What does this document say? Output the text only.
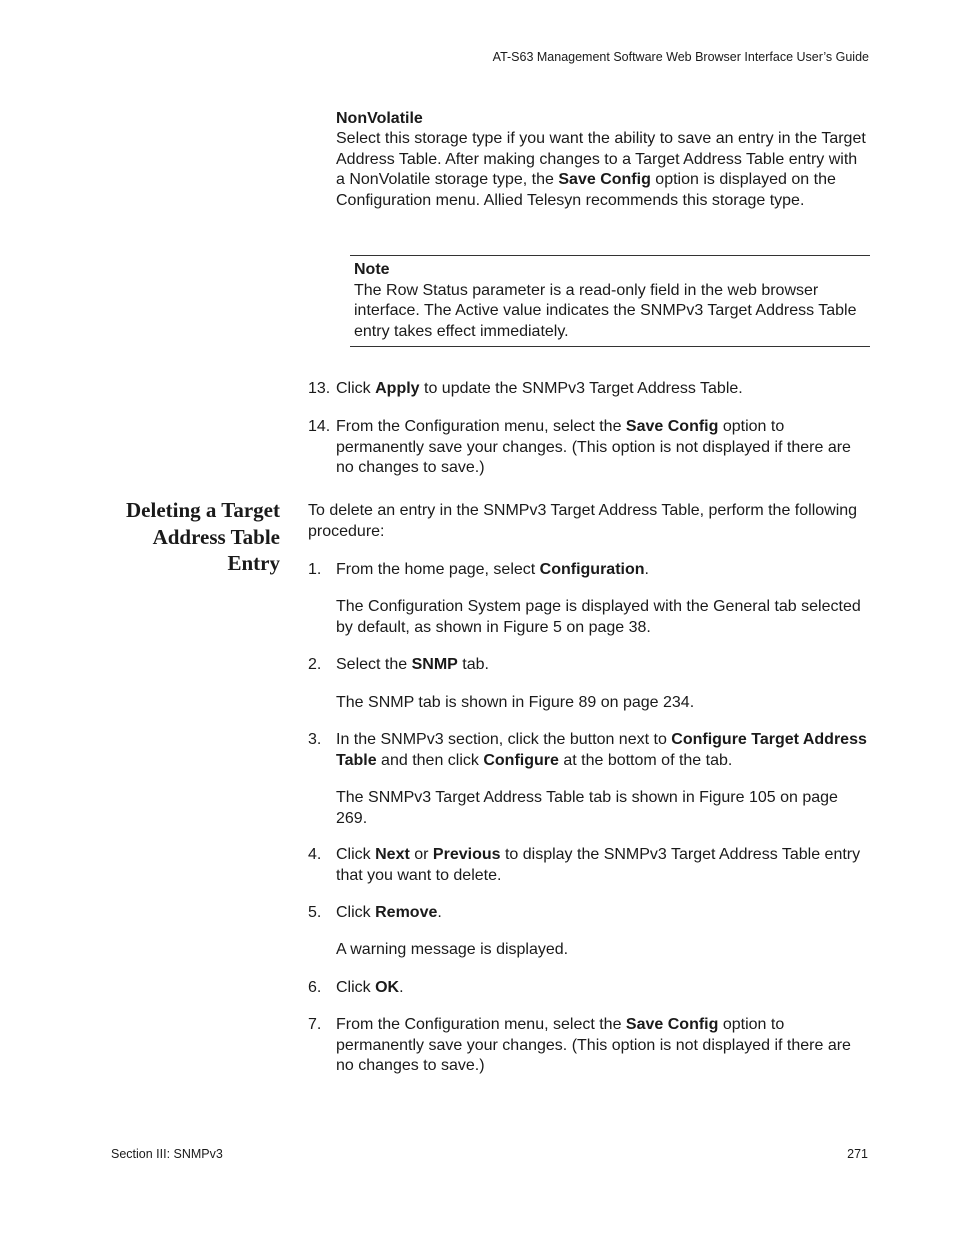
AT-S63 Management Software Web Browser Interface User’s Guide
NonVolatile
Select this storage type if you want the ability to save an entry in the Target Address Table. After making changes to a Target Address Table entry with a NonVolatile storage type, the Save Config option is displayed on the Configuration menu. Allied Telesyn recommends this storage type.
Note
The Row Status parameter is a read-only field in the web browser interface. The Active value indicates the SNMPv3 Target Address Table entry takes effect immediately.
13. Click Apply to update the SNMPv3 Target Address Table.
14. From the Configuration menu, select the Save Config option to permanently save your changes. (This option is not displayed if there are no changes to save.)
Deleting a Target
Address Table
Entry
To delete an entry in the SNMPv3 Target Address Table, perform the following procedure:
1. From the home page, select Configuration.
The Configuration System page is displayed with the General tab selected by default, as shown in Figure 5 on page 38.
2. Select the SNMP tab.
The SNMP tab is shown in Figure 89 on page 234.
3. In the SNMPv3 section, click the button next to Configure Target Address Table and then click Configure at the bottom of the tab.
The SNMPv3 Target Address Table tab is shown in Figure 105 on page 269.
4. Click Next or Previous to display the SNMPv3 Target Address Table entry that you want to delete.
5. Click Remove.
A warning message is displayed.
6. Click OK.
7. From the Configuration menu, select the Save Config option to permanently save your changes. (This option is not displayed if there are no changes to save.)
Section III: SNMPv3	271
